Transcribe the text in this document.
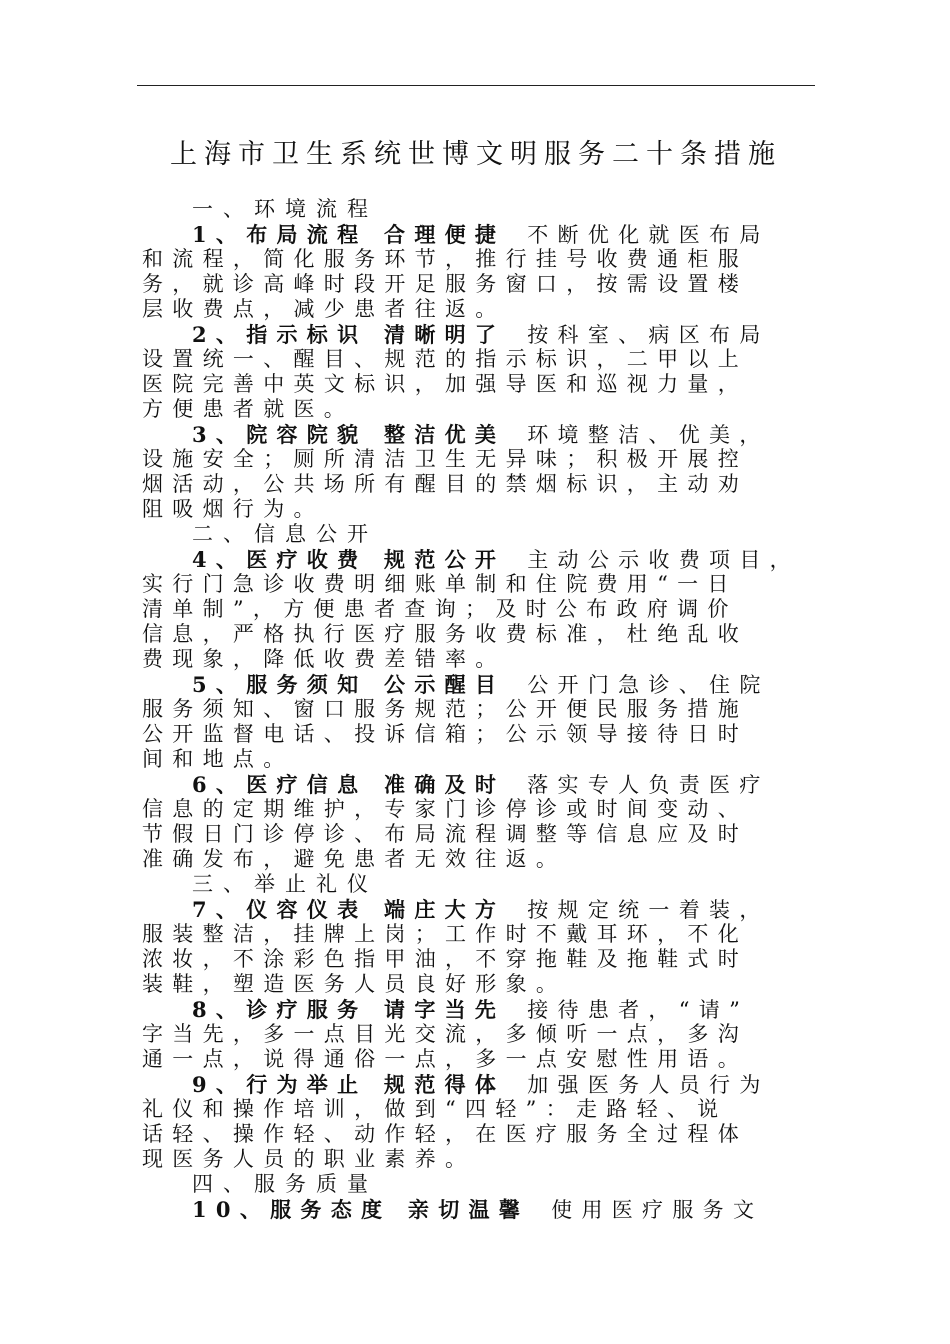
上海市卫生系统世博文明服务二十条措施
一、环境流程
1、布局流程 合理便捷 不断优化就医布局
和流程，简化服务环节，推行挂号收费通柜服
务，就诊高峰时段开足服务窗口，按需设置楼
层收费点，减少患者往返。
2、指示标识 清晰明了 按科室、病区布局
设置统一、醒目、规范的指示标识，二甲以上
医院完善中英文标识，加强导医和巡视力量，
方便患者就医。
3、院容院貌 整洁优美 环境整洁、优美，
设施安全；厕所清洁卫生无异味；积极开展控
烟活动，公共场所有醒目的禁烟标识，主动劝
阻吸烟行为。
二、信息公开
4、医疗收费 规范公开 主动公示收费项目，
实行门急诊收费明细账单制和住院费用“一日
清单制”，方便患者查询；及时公布政府调价
信息，严格执行医疗服务收费标准，杜绝乱收
费现象，降低收费差错率。
5、服务须知 公示醒目 公开门急诊、住院
服务须知、窗口服务规范；公开便民服务措施
公开监督电话、投诉信箱；公示领导接待日时
间和地点。
6、医疗信息 准确及时 落实专人负责医疗
信息的定期维护，专家门诊停诊或时间变动、
节假日门诊停诊、布局流程调整等信息应及时
准确发布，避免患者无效往返。
三、举止礼仪
7、仪容仪表 端庄大方 按规定统一着装，
服装整洁，挂牌上岗；工作时不戴耳环，不化
浓妆，不涂彩色指甲油，不穿拖鞋及拖鞋式时
装鞋，塑造医务人员良好形象。
8、诊疗服务 请字当先 接待患者，“请”
字当先，多一点目光交流，多倾听一点，多沟
通一点，说得通俗一点，多一点安慰性用语。
9、行为举止 规范得体 加强医务人员行为
礼仪和操作培训，做到“四轻”：走路轻、说
话轻、操作轻、动作轻，在医疗服务全过程体
现医务人员的职业素养。
四、服务质量
10、服务态度 亲切温馨 使用医疗服务文
